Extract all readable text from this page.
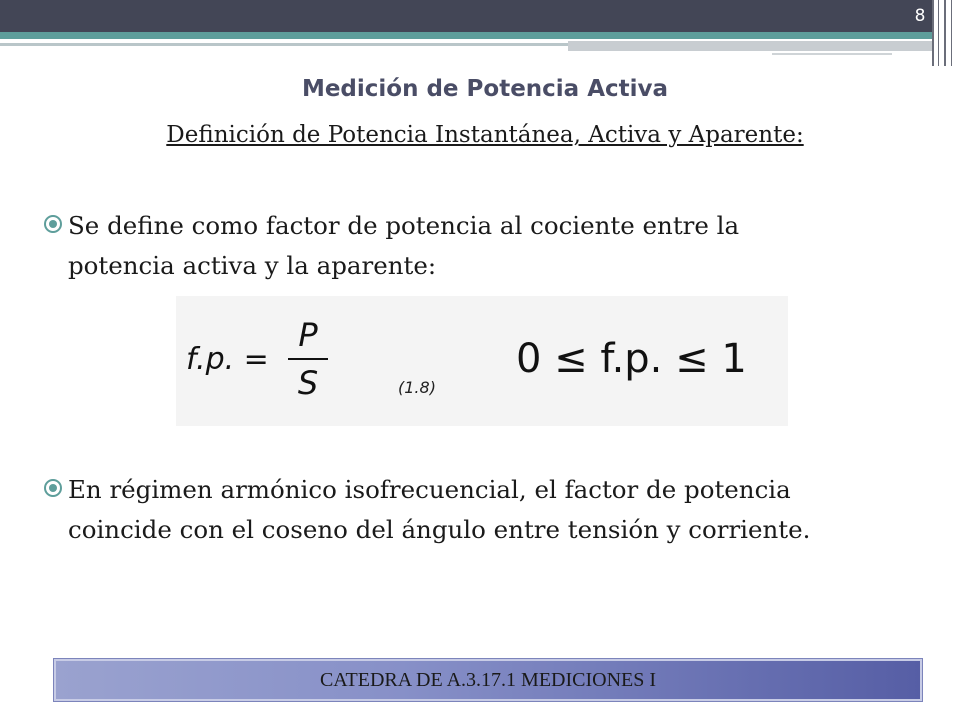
8
Medición de Potencia Activa
Definición de Potencia Instantánea, Activa y Aparente:
Se define como factor de potencia al cociente entre la
potencia activa y la aparente:
f.p. =
P
S	(1.8)
0 ≤ f.p. ≤ 1
En régimen armónico isofrecuencial, el factor de potencia
coincide con el coseno del ángulo entre tensión y corriente.
CATEDRA DE A.3.17.1 MEDICIONES I
